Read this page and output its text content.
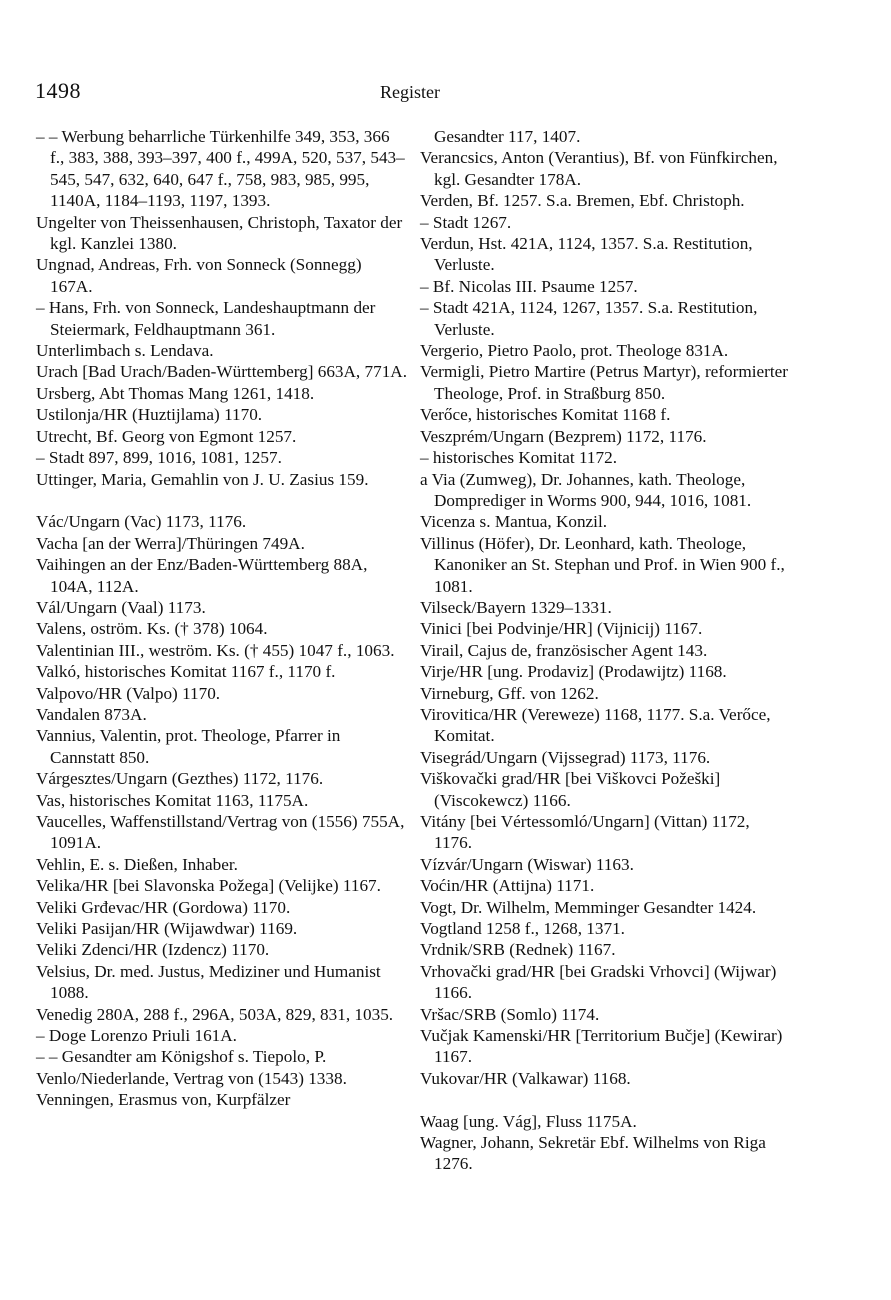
1498	Register
– – Werbung beharrliche Türkenhilfe 349, 353, 366 f., 383, 388, 393–397, 400 f., 499A, 520, 537, 543–545, 547, 632, 640, 647 f., 758, 983, 985, 995, 1140A, 1184–1193, 1197, 1393.
Ungelter von Theissenhausen, Christoph, Taxator der kgl. Kanzlei 1380.
Ungnad, Andreas, Frh. von Sonneck (Sonnegg) 167A.
– Hans, Frh. von Sonneck, Landeshauptmann der Steiermark, Feldhauptmann 361.
Unterlimbach s. Lendava.
Urach [Bad Urach/Baden-Württemberg] 663A, 771A.
Ursberg, Abt Thomas Mang 1261, 1418.
Ustilonja/HR (Huztijlama) 1170.
Utrecht, Bf. Georg von Egmont 1257.
– Stadt 897, 899, 1016, 1081, 1257.
Uttinger, Maria, Gemahlin von J. U. Zasius 159.
Vác/Ungarn (Vac) 1173, 1176.
Vacha [an der Werra]/Thüringen 749A.
Vaihingen an der Enz/Baden-Württemberg 88A, 104A, 112A.
Vál/Ungarn (Vaal) 1173.
Valens, oström. Ks. († 378) 1064.
Valentinian III., weström. Ks. († 455) 1047 f., 1063.
Valkó, historisches Komitat 1167 f., 1170 f.
Valpovo/HR (Valpo) 1170.
Vandalen 873A.
Vannius, Valentin, prot. Theologe, Pfarrer in Cannstatt 850.
Várgesztes/Ungarn (Gezthes) 1172, 1176.
Vas, historisches Komitat 1163, 1175A.
Vaucelles, Waffenstillstand/Vertrag von (1556) 755A, 1091A.
Vehlin, E. s. Dießen, Inhaber.
Velika/HR [bei Slavonska Požega] (Velijke) 1167.
Veliki Grđevac/HR (Gordowa) 1170.
Veliki Pasijan/HR (Wijawdwar) 1169.
Veliki Zdenci/HR (Izdencz) 1170.
Velsius, Dr. med. Justus, Mediziner und Humanist 1088.
Venedig 280A, 288 f., 296A, 503A, 829, 831, 1035.
– Doge Lorenzo Priuli 161A.
– – Gesandter am Königshof s. Tiepolo, P.
Venlo/Niederlande, Vertrag von (1543) 1338.
Venningen, Erasmus von, Kurpfälzer
Gesandter 117, 1407.
Verancsics, Anton (Verantius), Bf. von Fünfkirchen, kgl. Gesandter 178A.
Verden, Bf. 1257. S.a. Bremen, Ebf. Christoph.
– Stadt 1267.
Verdun, Hst. 421A, 1124, 1357. S.a. Restitution, Verluste.
– Bf. Nicolas III. Psaume 1257.
– Stadt 421A, 1124, 1267, 1357. S.a. Restitution, Verluste.
Vergerio, Pietro Paolo, prot. Theologe 831A.
Vermigli, Pietro Martire (Petrus Martyr), reformierter Theologe, Prof. in Straßburg 850.
Verőce, historisches Komitat 1168 f.
Veszprém/Ungarn (Bezprem) 1172, 1176.
– historisches Komitat 1172.
a Via (Zumweg), Dr. Johannes, kath. Theologe, Domprediger in Worms 900, 944, 1016, 1081.
Vicenza s. Mantua, Konzil.
Villinus (Höfer), Dr. Leonhard, kath. Theologe, Kanoniker an St. Stephan und Prof. in Wien 900 f., 1081.
Vilseck/Bayern 1329–1331.
Vinici [bei Podvinje/HR] (Vijnicij) 1167.
Virail, Cajus de, französischer Agent 143.
Virje/HR [ung. Prodaviz] (Prodawijtz) 1168.
Virneburg, Gff. von 1262.
Virovitica/HR (Vereweze) 1168, 1177. S.a. Verőce, Komitat.
Visegrád/Ungarn (Vijssegrad) 1173, 1176.
Viškovački grad/HR [bei Viškovci Požeški] (Viscokewcz) 1166.
Vitány [bei Vértessomló/Ungarn] (Vittan) 1172, 1176.
Vízvár/Ungarn (Wiswar) 1163.
Voćin/HR (Attijna) 1171.
Vogt, Dr. Wilhelm, Memminger Gesandter 1424.
Vogtland 1258 f., 1268, 1371.
Vrdnik/SRB (Rednek) 1167.
Vrhovački grad/HR [bei Gradski Vrhovci] (Wijwar) 1166.
Vršac/SRB (Somlo) 1174.
Vučjak Kamenski/HR [Territorium Bučje] (Kewirar) 1167.
Vukovar/HR (Valkawar) 1168.
Waag [ung. Vág], Fluss 1175A.
Wagner, Johann, Sekretär Ebf. Wilhelms von Riga 1276.
